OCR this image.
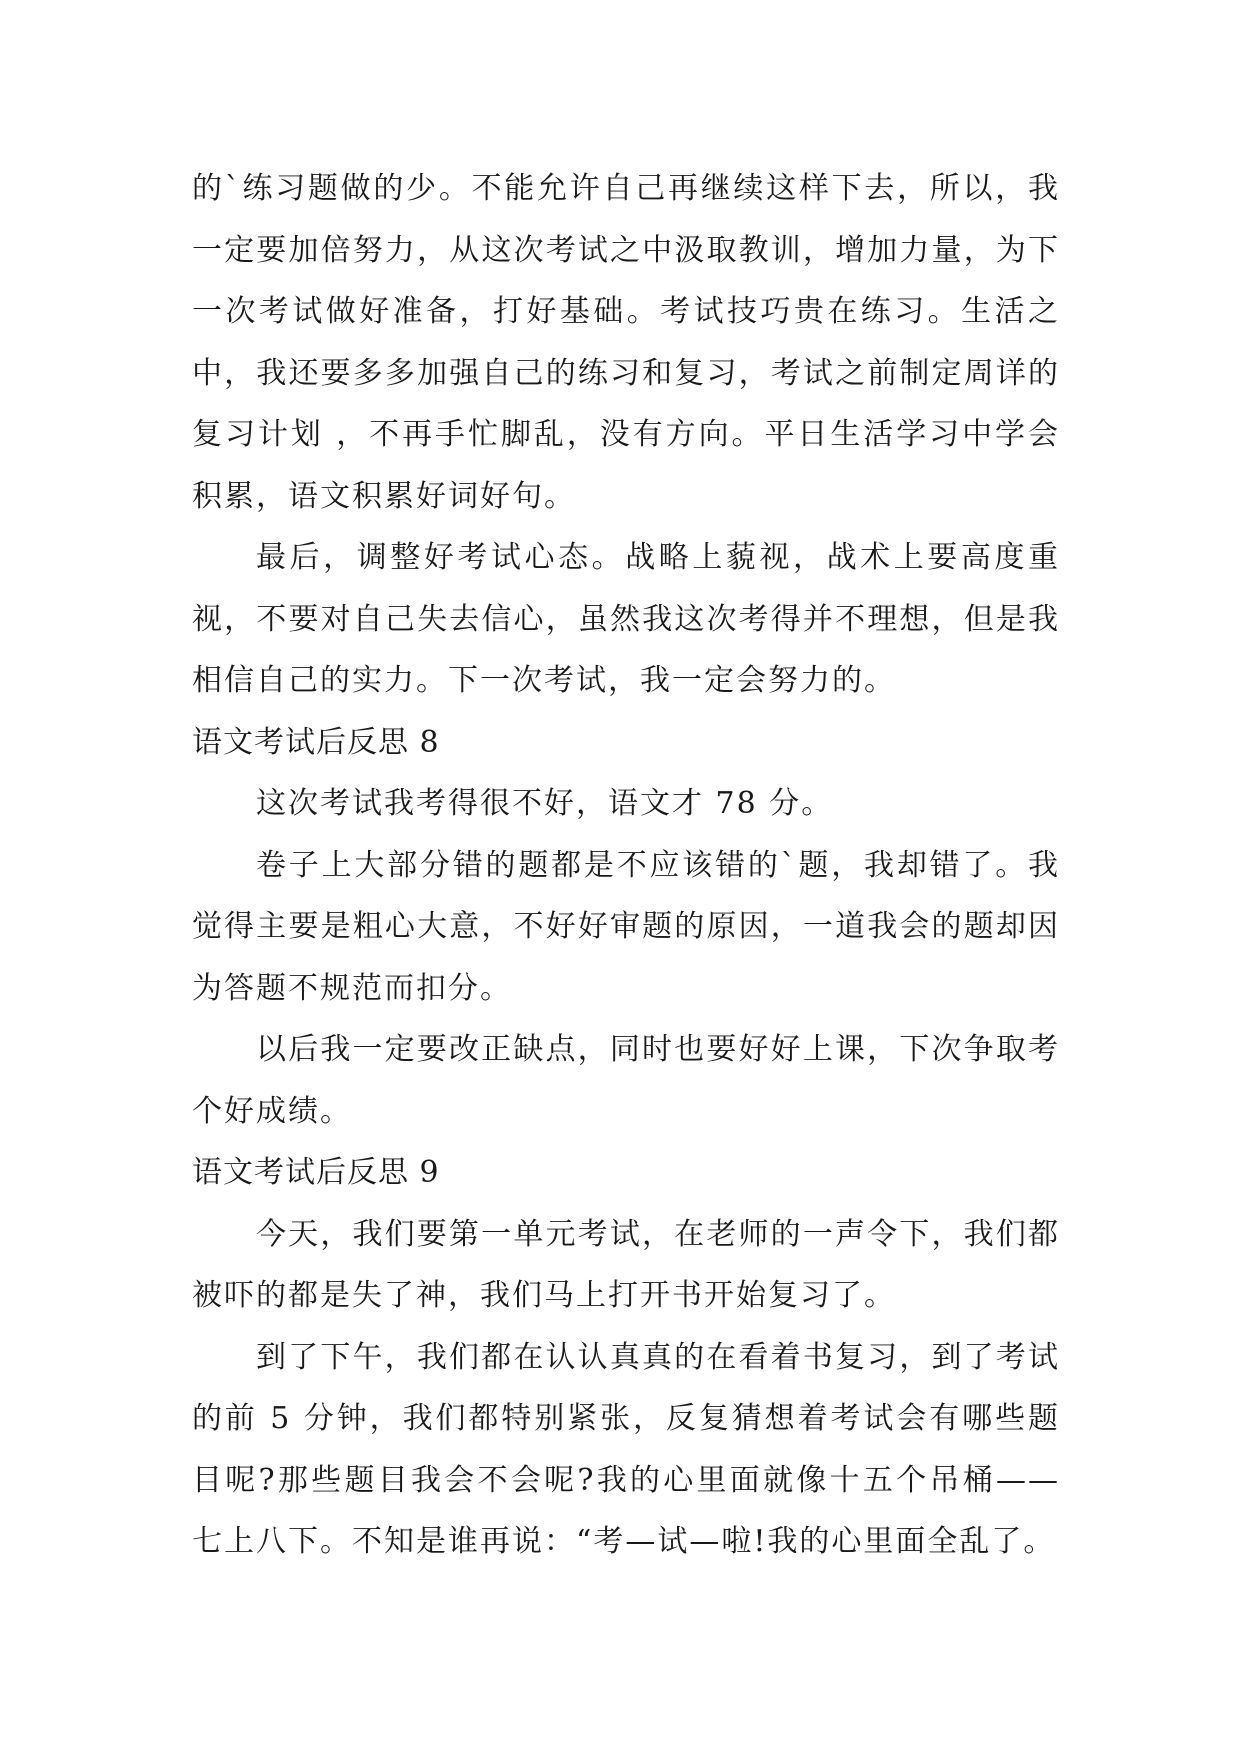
的`练习题做的少。不能允许自己再继续这样下去，所以，我一定要加倍努力，从这次考试之中汲取教训，增加力量，为下一次考试做好准备，打好基础。考试技巧贵在练习。生活之中，我还要多多加强自己的练习和复习，考试之前制定周详的复习计划 ，不再手忙脚乱，没有方向。平日生活学习中学会积累，语文积累好词好句。

最后，调整好考试心态。战略上藐视，战术上要高度重视，不要对自己失去信心，虽然我这次考得并不理想，但是我相信自己的实力。下一次考试，我一定会努力的。

语文考试后反思 8

这次考试我考得很不好，语文才 78 分。

卷子上大部分错的题都是不应该错的`题，我却错了。我觉得主要是粗心大意，不好好审题的原因，一道我会的题却因为答题不规范而扣分。

以后我一定要改正缺点，同时也要好好上课，下次争取考个好成绩。

语文考试后反思 9

今天，我们要第一单元考试，在老师的一声令下，我们都被吓的都是失了神，我们马上打开书开始复习了。

到了下午，我们都在认认真真的在看着书复习，到了考试的前 5 分钟，我们都特别紧张，反复猜想着考试会有哪些题目呢?那些题目我会不会呢?我的心里面就像十五个吊桶——七上八下。不知是谁再说：“考—试—啦!我的心里面全乱了。
